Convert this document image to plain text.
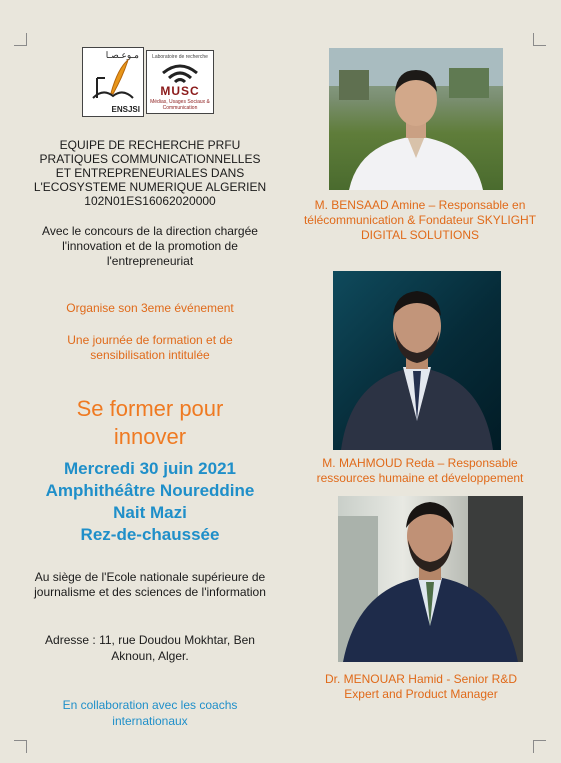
مـوعـصـا
ENSJSI
Laboratoire de recherche
MUSC
Médias, Usages Sociaux & Communication
EQUIPE DE RECHERCHE PRFU
PRATIQUES COMMUNICATIONNELLES
ET ENTREPRENEURIALES DANS
L'ECOSYSTEME NUMERIQUE ALGERIEN
102N01ES16062020000
Avec le concours de la direction chargée l'innovation et de la promotion de l'entrepreneuriat
Organise son 3eme événement
Une journée de formation et de sensibilisation intitulée
Se former pour
innover
Mercredi 30 juin 2021
Amphithéâtre Noureddine
Nait Mazi
Rez-de-chaussée
Au siège de l'Ecole nationale supérieure de journalisme et des sciences de l'information
Adresse : 11, rue Doudou Mokhtar, Ben Aknoun, Alger.
En collaboration avec les coachs internationaux
M. BENSAAD Amine – Responsable en télécommunication & Fondateur SKYLIGHT DIGITAL SOLUTIONS
M. MAHMOUD Reda – Responsable ressources humaine et développement
Dr. MENOUAR Hamid - Senior R&D Expert and Product Manager
